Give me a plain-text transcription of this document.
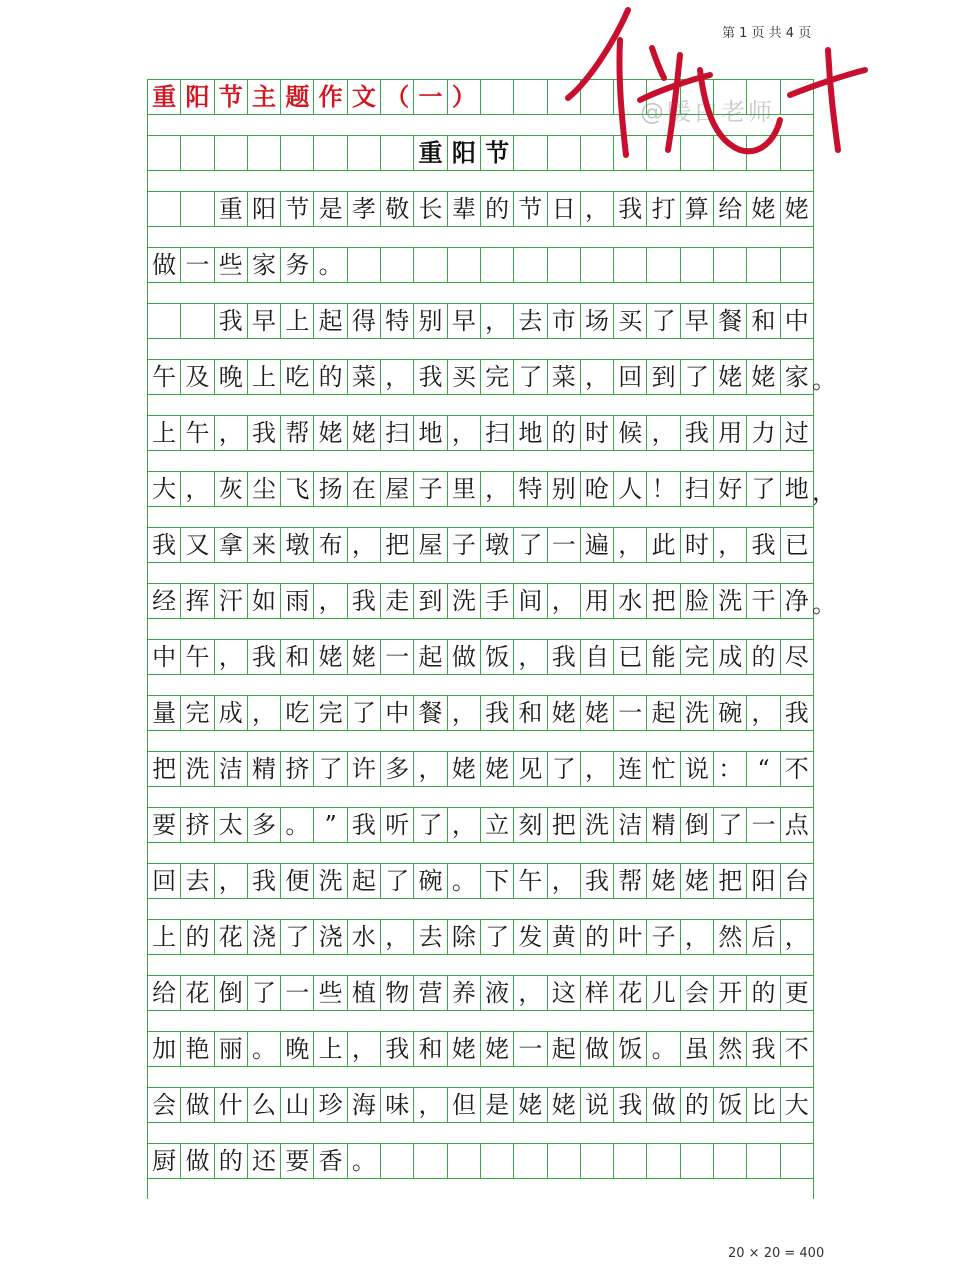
第 1 页 共 4 页
@暖白老师
重 阳 节 主 题 作 文 （ 一 ）
重 阳 节
重 阳 节 是 孝 敬 长 辈 的 节 日 ， 我 打 算 给 姥 姥
做 一 些 家 务 。
我 早 上 起 得 特 别 早 ， 去 市 场 买 了 早 餐 和 中
午 及 晚 上 吃 的 菜 ， 我 买 完 了 菜 ， 回 到 了 姥 姥 家 。
上 午 ， 我 帮 姥 姥 扫 地 ， 扫 地 的 时 候 ， 我 用 力 过
大 ， 灰 尘 飞 扬 在 屋 子 里 ， 特 别 呛 人 ！ 扫 好 了 地 ，
我 又 拿 来 墩 布 ， 把 屋 子 墩 了 一 遍 ， 此 时 ， 我 已
经 挥 汗 如 雨 ， 我 走 到 洗 手 间 ， 用 水 把 脸 洗 干 净 。
中 午 ， 我 和 姥 姥 一 起 做 饭 ， 我 自 已 能 完 成 的 尽
量 完 成 ， 吃 完 了 中 餐 ， 我 和 姥 姥 一 起 洗 碗 ， 我
把 洗 洁 精 挤 了 许 多 ， 姥 姥 见 了 ， 连 忙 说 ： “ 不
要 挤 太 多 。 ” 我 听 了 ， 立 刻 把 洗 洁 精 倒 了 一 点
回 去 ， 我 便 洗 起 了 碗 。 下 午 ， 我 帮 姥 姥 把 阳 台
上 的 花 浇 了 浇 水 ， 去 除 了 发 黄 的 叶 子 ， 然 后 ，
给 花 倒 了 一 些 植 物 营 养 液 ， 这 样 花 儿 会 开 的 更
加 艳 丽 。 晚 上 ， 我 和 姥 姥 一 起 做 饭 。 虽 然 我 不
会 做 什 么 山 珍 海 味 ， 但 是 姥 姥 说 我 做 的 饭 比 大
厨 做 的 还 要 香 。
20 × 20 = 400
